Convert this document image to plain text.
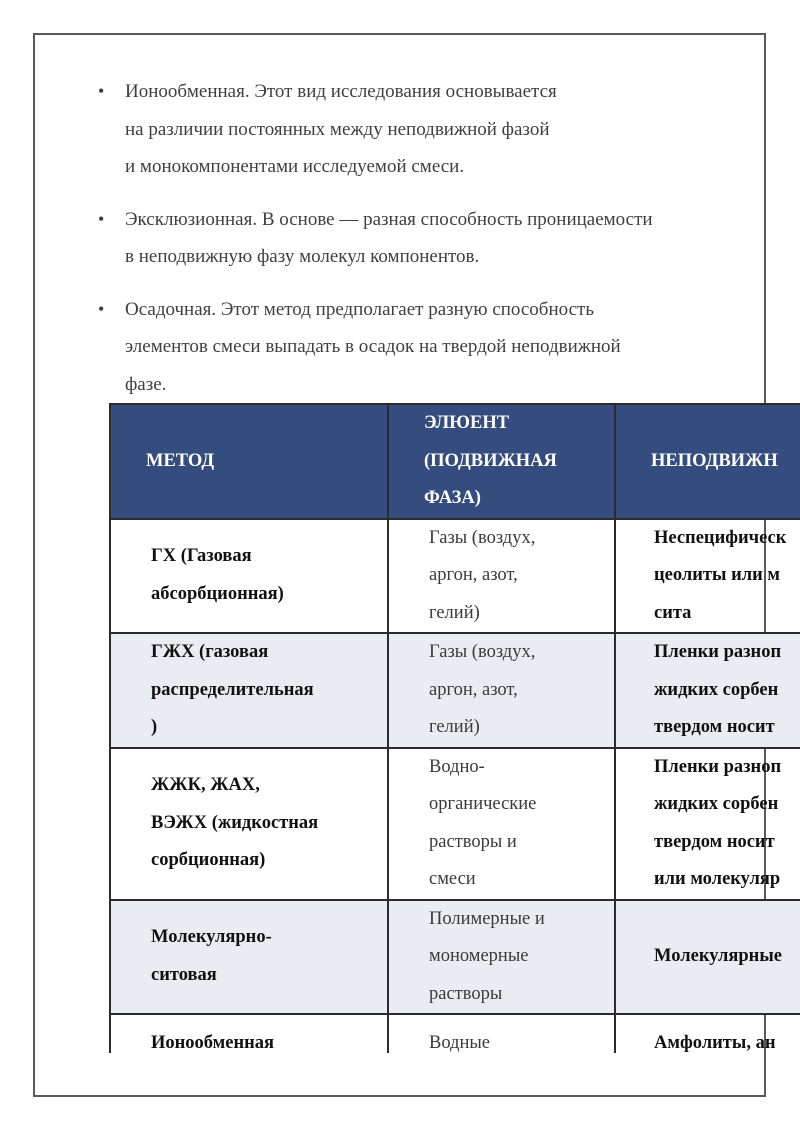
• Ионообменная. Этот вид исследования основывается
на различии постоянных между неподвижной фазой
и монокомпонентами исследуемой смеси.
• Эксклюзионная. В основе — разная способность проницаемости
в неподвижную фазу молекул компонентов.
• Осадочная. Этот метод предполагает разную способность
элементов смеси выпадать в осадок на твердой неподвижной
фазе.
МЕТОД	ЭЛЮЕНТ
(ПОДВИЖНАЯ
ФАЗА)	НЕПОДВИЖН

ГХ (Газовая
абсорбционная)	Газы (воздух,
аргон, азот,
гелий)	Неспецифическ
цеолиты или м
сита

ГЖХ (газовая
распределительная
)	Газы (воздух,
аргон, азот,
гелий)	Пленки разноп
жидких сорбен
твердом носит

ЖЖК, ЖАХ,
ВЭЖХ (жидкостная
сорбционная)	Водно-
органические
растворы и
смеси	Пленки разноп
жидких сорбен
твердом носит
или молекуляр

Молекулярно-
ситовая	Полимерные и
мономерные
растворы	Молекулярные

Ионообменная	Водные	Амфолиты, ан
